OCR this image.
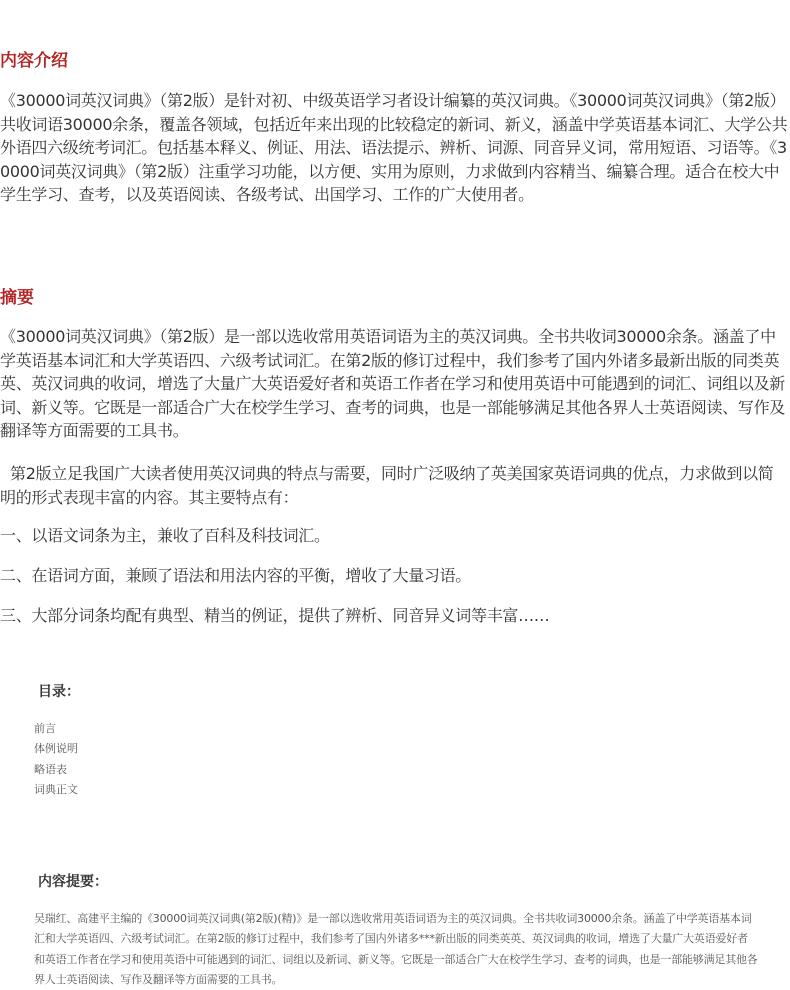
内容介绍

《30000词英汉词典》（第2版）是针对初、中级英语学习者设计编纂的英汉词典。《30000词英汉词典》（第2版）共收词语30000余条，覆盖各领域，包括近年来出现的比较稳定的新词、新义，涵盖中学英语基本词汇、大学公共外语四六级统考词汇。包括基本释义、例证、用法、语法提示、辨析、词源、同音异义词，常用短语、习语等。《30000词英汉词典》（第2版）注重学习功能，以方便、实用为原则，力求做到内容精当、编纂合理。适合在校大中学生学习、查考，以及英语阅读、各级考试、出国学习、工作的广大使用者。

摘要

《30000词英汉词典》（第2版）是一部以选收常用英语词语为主的英汉词典。全书共收词30000余条。涵盖了中学英语基本词汇和大学英语四、六级考试词汇。在第2版的修订过程中，我们参考了国内外诸多最新出版的同类英英、英汉词典的收词，增选了大量广大英语爱好者和英语工作者在学习和使用英语中可能遇到的词汇、词组以及新词、新义等。它既是一部适合广大在校学生学习、查考的词典，也是一部能够满足其他各界人士英语阅读、写作及翻译等方面需要的工具书。

第2版立足我国广大读者使用英汉词典的特点与需要，同时广泛吸纳了英美国家英语词典的优点，力求做到以简明的形式表现丰富的内容。其主要特点有：

一、以语文词条为主，兼收了百科及科技词汇。

二、在语词方面，兼顾了语法和用法内容的平衡，增收了大量习语。

三、大部分词条均配有典型、精当的例证，提供了辨析、同音异义词等丰富……

目录：
前言
体例说明
略语表
词典正文
内容提要：

吴瑞红、高建平主编的《30000词英汉词典(第2版)(精)》是一部以选收常用英语词语为主的英汉词典。全书共收词30000余条。涵盖了中学英语基本词汇和大学英语四、六级考试词汇。在第2版的修订过程中，我们参考了国内外诸多***新出版的同类英英、英汉词典的收词，增选了大量广大英语爱好者和英语工作者在学习和使用英语中可能遇到的词汇、词组以及新词、新义等。它既是一部适合广大在校学生学习、查考的词典，也是一部能够满足其他各界人士英语阅读、写作及翻译等方面需要的工具书。
